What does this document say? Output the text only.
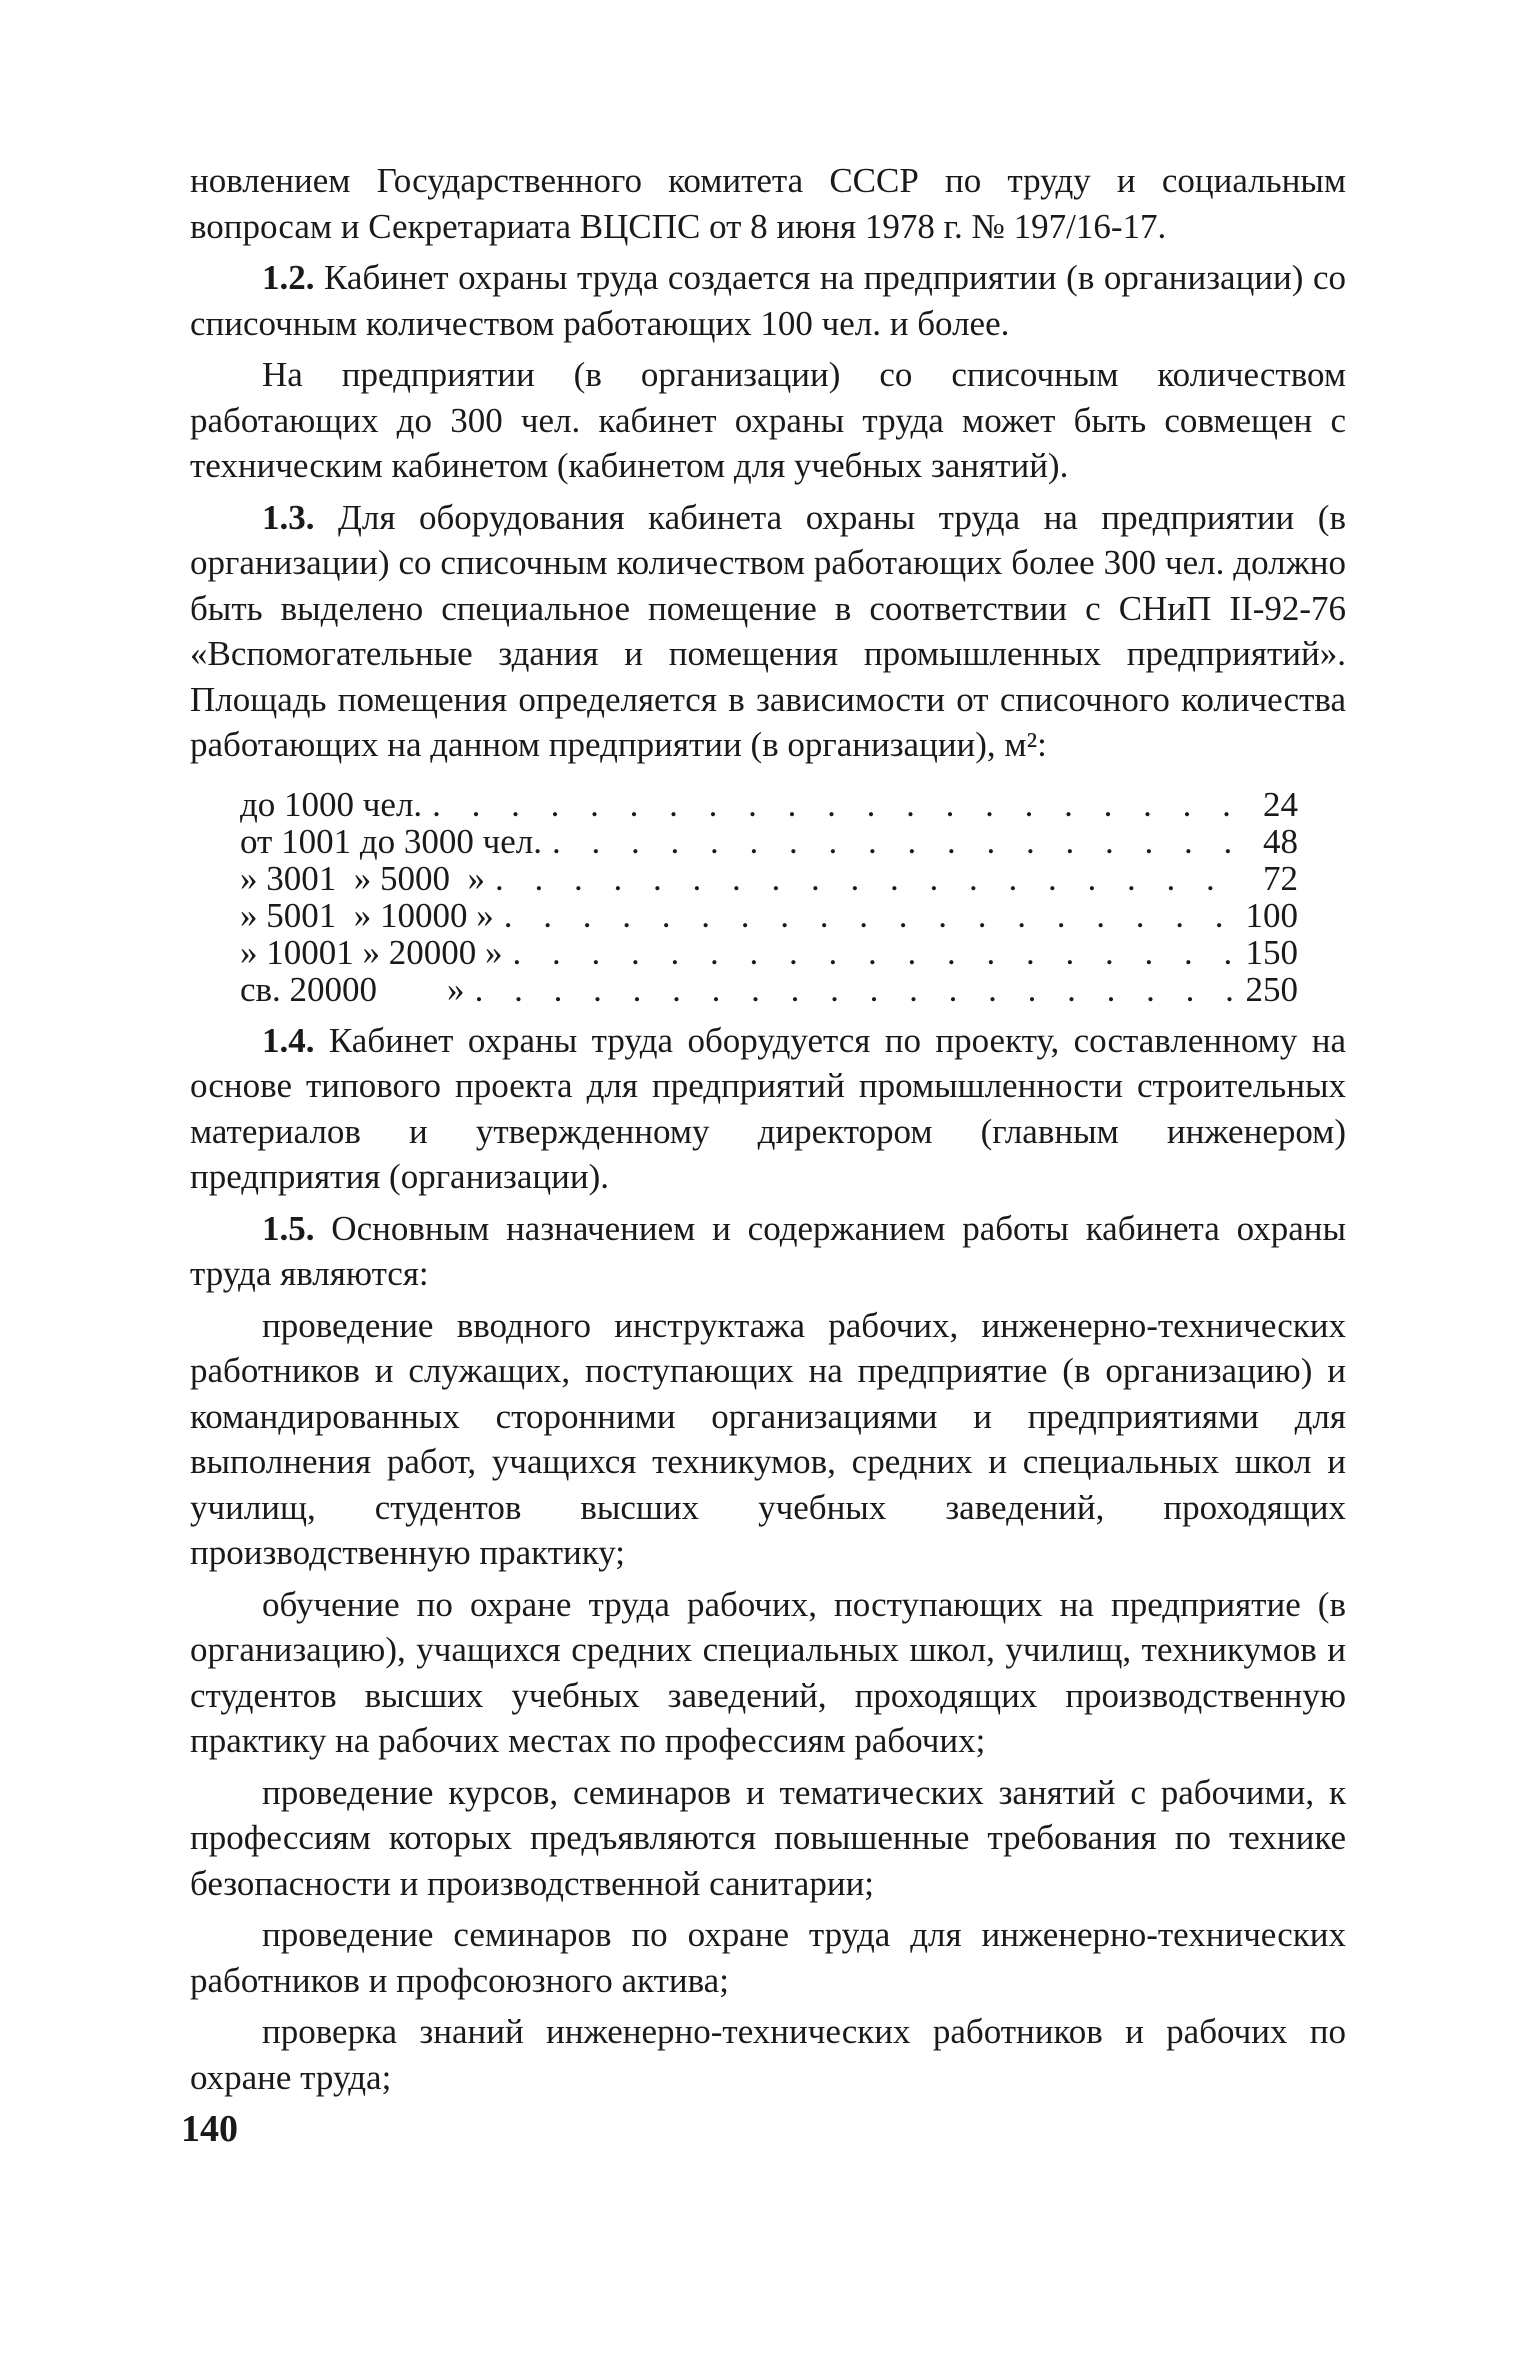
новлением Государственного комитета СССР по труду и социальным вопросам и Секретариата ВЦСПС от 8 июня 1978 г. № 197/16-17.

1.2. Кабинет охраны труда создается на предприятии (в организации) со списочным количеством работающих 100 чел. и более.

На предприятии (в организации) со списочным количеством работающих до 300 чел. кабинет охраны труда может быть совмещен с техническим кабинетом (кабинетом для учебных занятий).

1.3. Для оборудования кабинета охраны труда на предприятии (в организации) со списочным количеством работающих более 300 чел. должно быть выделено специальное помещение в соответствии с СНиП II-92-76 «Вспомогательные здания и помещения промышленных предприятий». Площадь помещения определяется в зависимости от списочного количества работающих на данном предприятии (в организации), м²:

до 1000 чел. . . .	24
от 1001 до 3000 чел. . . .	48
» 3001  » 5000  » . . .	72
» 5001  » 10000 » . . .	100
» 10001 » 20000 » . . .	150
св. 20000        » . . .	250

1.4. Кабинет охраны труда оборудуется по проекту, составленному на основе типового проекта для предприятий промышленности строительных материалов и утвержденному директором (главным инженером) предприятия (организации).

1.5. Основным назначением и содержанием работы кабинета охраны труда являются:

проведение вводного инструктажа рабочих, инженерно-технических работников и служащих, поступающих на предприятие (в организацию) и командированных сторонними организациями и предприятиями для выполнения работ, учащихся техникумов, средних и специальных школ и училищ, студентов высших учебных заведений, проходящих производственную практику;

обучение по охране труда рабочих, поступающих на предприятие (в организацию), учащихся средних специальных школ, училищ, техникумов и студентов высших учебных заведений, проходящих производственную практику на рабочих местах по профессиям рабочих;

проведение курсов, семинаров и тематических занятий с рабочими, к профессиям которых предъявляются повышенные требования по технике безопасности и производственной санитарии;

проведение семинаров по охране труда для инженерно-технических работников и профсоюзного актива;

проверка знаний инженерно-технических работников и рабочих по охране труда;

140
